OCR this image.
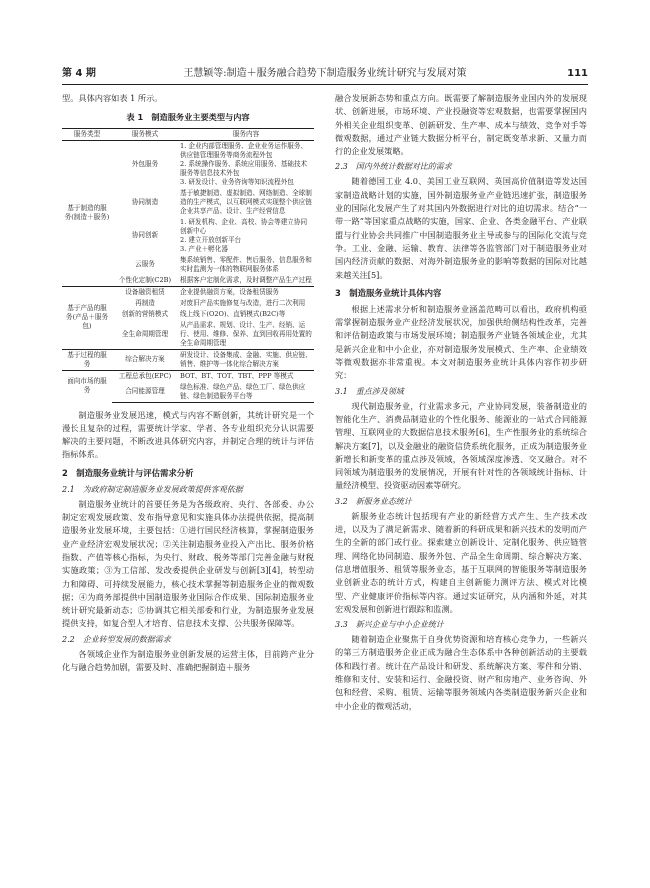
第 4 期	王慧颖等:制造＋服务融合趋势下制造服务业统计研究与发展对策	111

型。具体内容如表 1 所示。

表 1　制造服务业主要类型与内容
服务类型	服务模式	服务内容
基于制造的服务(制造＋服务)	外包服务	1. 企业内部管理服务、企业业务运作服务、供应链管理服务等商务流程外包
2. 系统操作服务、系统应用服务、基础技术服务等信息技术外包
3. 研发设计、业务咨询等知识流程外包
	协同制造	基于敏捷制造、虚拟制造、网络制造、全球制造的生产模式，以互联网模式实现整个供应链企业共享产品、设计、生产经营信息
	协同创新	1. 研发机构、企业、高校、协会等建立协同创新中心
2. 建立开放创新平台
3. 产业＋孵化器
	云服务	集系统销售、零配件、售后服务、信息服务和实时监测为一体的物联网服务体系
	个性化定制(C2B)	根据客户定制化需求，及时调整产品生产过程
基于产品的服务(产品＋服务包)	设备融资租赁	企业提供融资方案，设备租赁服务
	再制造	对废旧产品实施修复与改造，进行二次利用
	创新的营销模式	线上线下(O2O)、直销模式(B2C)等
	全生命周期管理	从产品需求、规划、设计、生产、经销、运行、使用、维修、保养、直到回收再用处置的全生命周期管理
基于过程的服务	综合解决方案	研发设计、设备集成、金融、实施、供应链、销售、维护等一体化综合解决方案
面向市场的服务	工程总承包(EPC)	BOT、BT、TOT、TBT、PPP 等模式
	合同能源管理	绿色标准、绿色产品、绿色工厂、绿色供应链、绿色制造服务平台等

制造服务业发展迅速，模式与内容不断创新，其统计研究是一个漫长且复杂的过程，需要统计学家、学者、各专业组织充分认识需要解决的主要问题，不断改进具体研究内容，并制定合理的统计与评估指标体系。

2　制造服务业统计与评估需求分析
2.1　为政府制定制造服务业发展政策提供客观依据

制造服务业统计的首要任务是为各级政府、央行、各部委、办公制定宏观发展政策、发布指导意见和实施具体办法提供依据，提高制造服务业发展环境，主要包括：①进行国民经济核算，掌握制造服务业产业经济宏观发展状况；②关注制造服务业投入产出比、服务价格指数、产值等核心指标，为央行、财政、税务等部门完善金融与财税实施政策；③为工信部、发改委提供企业研发与创新[3][4]，转型动力和障碍、可持续发展能力，核心技术掌握等制造服务企业的微观数据；④为商务部提供中国制造服务业国际合作成果、国际制造服务业统计研究最新动态；⑤协调其它相关部委和行业，为制造服务业发展提供支持，如复合型人才培育、信息技术支撑、公共服务保障等。

2.2　企业转型发展的数据需求

各领域企业作为制造服务业创新发展的运营主体，目前跨产业分化与融合趋势加剧，需要及时、准确把握制造＋服务

融合发展新态势和重点方向。既需要了解制造服务业国内外的发展现状、创新进展，市场环境、产业投融资等宏观数据，也需要掌握国内外相关企业组织变革、创新研发、生产率、成本与绩效、竞争对手等微观数据，通过产业链大数据分析平台，制定既变革求新、又量力而行的企业发展策略。

2.3　国内外统计数据对比的需求

随着德国工业 4.0、美国工业互联网、英国高价值制造等发达国家制造战略计划的实施，国外制造服务业产业链迅速扩张，制造服务业的国际化发展产生了对其国内外数据进行对比的迫切需求。结合“一带一路”等国家重点战略的实施，国家、企业、各类金融平台、产业联盟与行业协会共同推广中国制造服务业主导或参与的国际化交流与竞争。工业、金融、运输、教育、法律等各监管部门对于制造服务业对国内经济贡献的数据、对海外制造服务业的影响等数据的国际对比越来越关注[5]。

3　制造服务业统计具体内容

根据上述需求分析和制造服务业涵盖范畴可以看出，政府机构亟需掌握制造服务业产业经济发展状况，加强供给侧结构性改革，完善和评估制造政策与市场发展环境；制造服务产业链各领域企业，尤其是新兴企业和中小企业，亦对制造服务发展模式、生产率、企业绩效等微观数据亦非常重视。本文对制造服务业统计具体内容作初步研究：

3.1　重点涉及领域

现代制造服务业，行业需求多元，产业协同发展，装备制造业的智能化生产、消费品制造业的个性化服务、能源业的一站式合同能源管理、互联网业的大数据信息技术服务[6]，生产性服务业的系统综合解决方案[7]，以及金融业的融资信贷系统化服务，正成为制造服务业新增长和新变革的重点涉及领域，各领域深度渗透、交叉融合。对不同领域为制造服务的发展情况，开展有针对性的各领域统计指标、计量经济模型、投资驱动因素等研究。

3.2　新服务业态统计

新服务业态统计包括现有产业的新经营方式产生、生产技术改进，以及为了满足新需求、随着新的科研成果和新兴技术的发明而产生的全新的部门或行业。探索建立创新设计、定制化服务、供应链管理、网络化协同制造、服务外包、产品全生命周期、综合解决方案、信息增值服务、租赁等服务业态，基于互联网的智能服务等制造服务业创新业态的统计方式，构建自主创新能力测评方法、模式对比模型、产业健康评价指标等内容。通过实证研究，从内涵和外延，对其宏观发展和创新进行跟踪和监测。

3.3　新兴企业与中小企业统计

随着制造企业聚焦于自身优势资源和培育核心竞争力，一些新兴的第三方制造服务企业正成为融合生态体系中各种创新活动的主要载体和践行者。统计在产品设计和研发、系统解决方案、零件和分销、维修和支付、安装和运行、金融投资、财产和房地产、业务咨询、外包和经营、采购、租赁、运输等服务领域内各类制造服务新兴企业和中小企业的微观活动，
